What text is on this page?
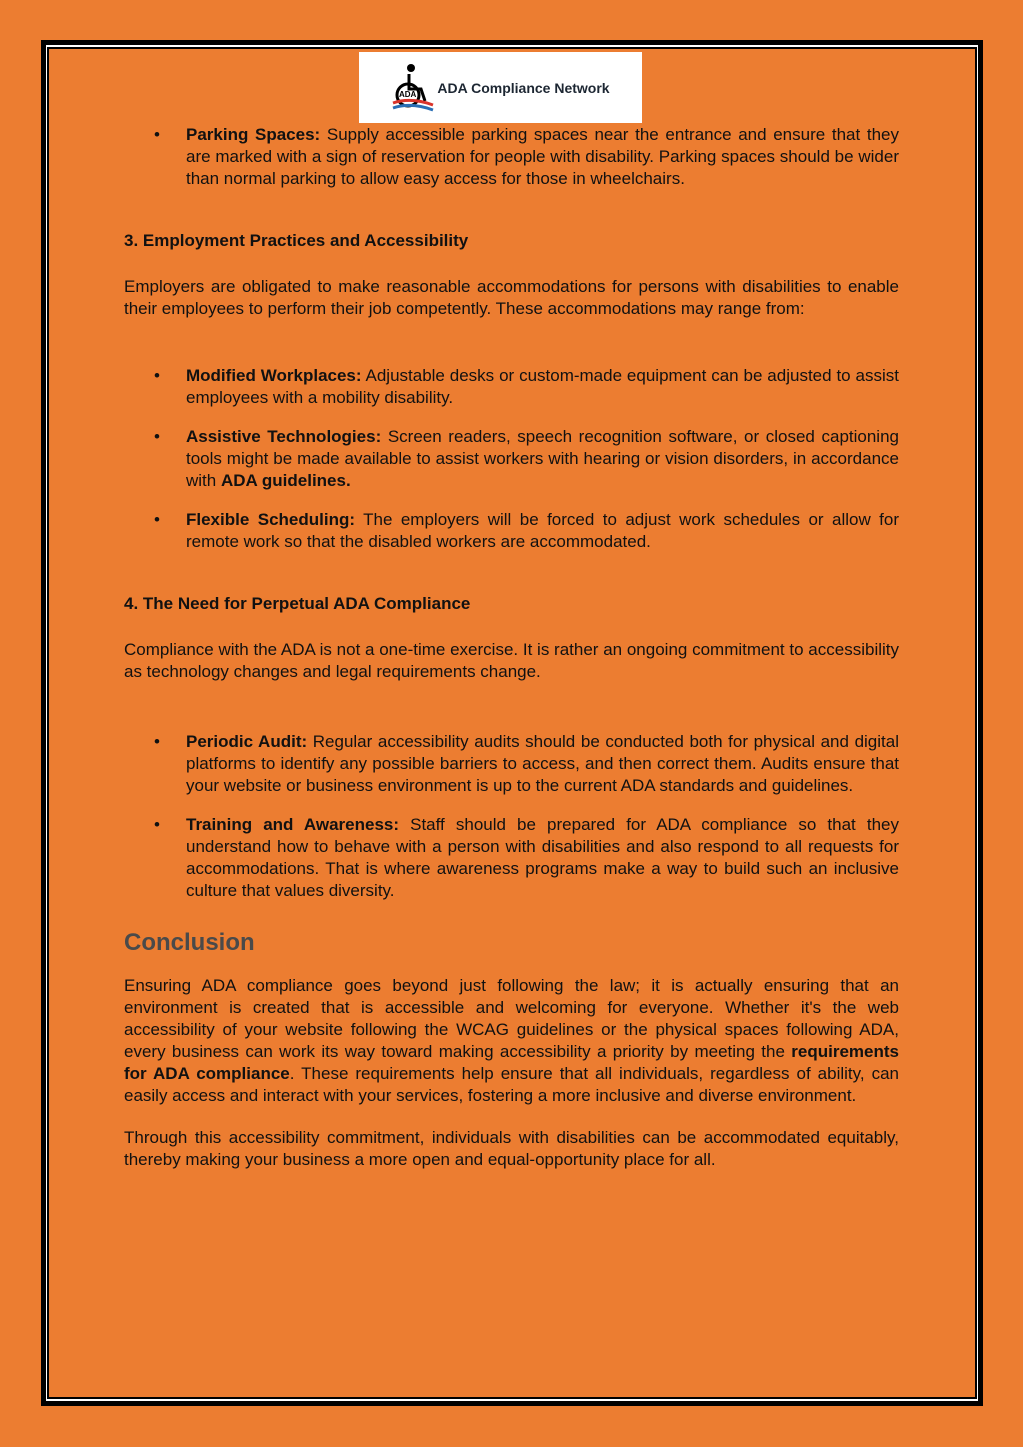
ADA ADA Compliance Network
• Parking Spaces: Supply accessible parking spaces near the entrance and ensure that they are marked with a sign of reservation for people with disability. Parking spaces should be wider than normal parking to allow easy access for those in wheelchairs.
3. Employment Practices and Accessibility

Employers are obligated to make reasonable accommodations for persons with disabilities to enable their employees to perform their job competently. These accommodations may range from:

• Modified Workplaces: Adjustable desks or custom-made equipment can be adjusted to assist employees with a mobility disability.
• Assistive Technologies: Screen readers, speech recognition software, or closed captioning tools might be made available to assist workers with hearing or vision disorders, in accordance with ADA guidelines.
• Flexible Scheduling: The employers will be forced to adjust work schedules or allow for remote work so that the disabled workers are accommodated.
4. The Need for Perpetual ADA Compliance

Compliance with the ADA is not a one-time exercise. It is rather an ongoing commitment to accessibility as technology changes and legal requirements change.

• Periodic Audit: Regular accessibility audits should be conducted both for physical and digital platforms to identify any possible barriers to access, and then correct them. Audits ensure that your website or business environment is up to the current ADA standards and guidelines.
• Training and Awareness: Staff should be prepared for ADA compliance so that they understand how to behave with a person with disabilities and also respond to all requests for accommodations. That is where awareness programs make a way to build such an inclusive culture that values diversity.
Conclusion

Ensuring ADA compliance goes beyond just following the law; it is actually ensuring that an environment is created that is accessible and welcoming for everyone. Whether it's the web accessibility of your website following the WCAG guidelines or the physical spaces following ADA, every business can work its way toward making accessibility a priority by meeting the requirements for ADA compliance. These requirements help ensure that all individuals, regardless of ability, can easily access and interact with your services, fostering a more inclusive and diverse environment.

Through this accessibility commitment, individuals with disabilities can be accommodated equitably, thereby making your business a more open and equal-opportunity place for all.
